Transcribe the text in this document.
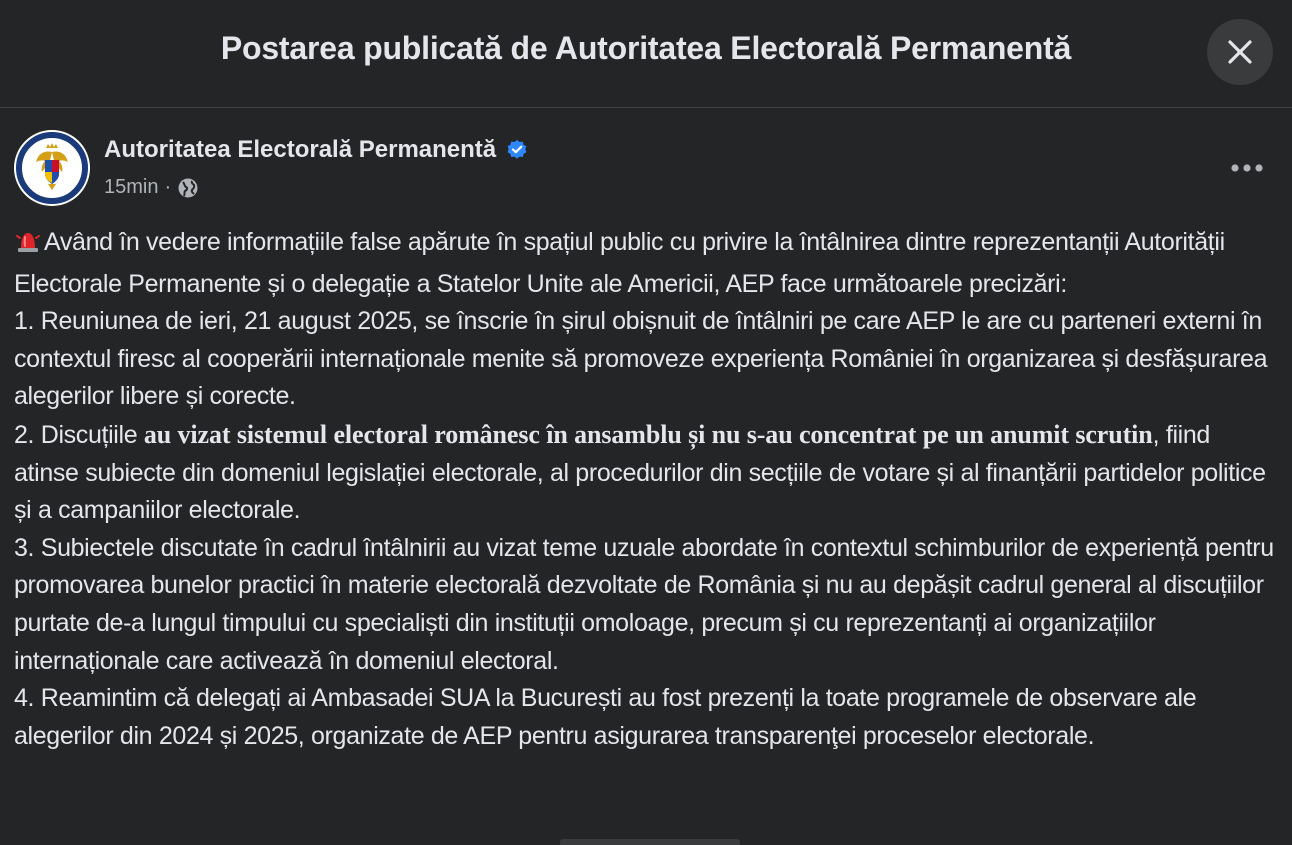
Postarea publicată de Autoritatea Electorală Permanentă
Autoritatea Electorală Permanentă
15min ·

Având în vedere informațiile false apărute în spațiul public cu privire la întâlnirea dintre reprezentanții Autorității Electorale Permanente și o delegație a Statelor Unite ale Americii, AEP face următoarele precizări:

1. Reuniunea de ieri, 21 august 2025, se înscrie în șirul obișnuit de întâlniri pe care AEP le are cu parteneri externi în contextul firesc al cooperării internaționale menite să promoveze experiența României în organizarea și desfășurarea alegerilor libere și corecte.

2. Discuțiile au vizat sistemul electoral românesc în ansamblu și nu s-au concentrat pe un anumit scrutin, fiind atinse subiecte din domeniul legislației electorale, al procedurilor din secțiile de votare și al finanțării partidelor politice și a campaniilor electorale.

3. Subiectele discutate în cadrul întâlnirii au vizat teme uzuale abordate în contextul schimburilor de experiență pentru promovarea bunelor practici în materie electorală dezvoltate de România și nu au depășit cadrul general al discuțiilor purtate de-a lungul timpului cu specialiști din instituții omoloage, precum și cu reprezentanți ai organizațiilor internaționale care activează în domeniul electoral.

4. Reamintim că delegați ai Ambasadei SUA la București au fost prezenți la toate programele de observare ale alegerilor din 2024 și 2025, organizate de AEP pentru asigurarea transparenţei proceselor electorale.
